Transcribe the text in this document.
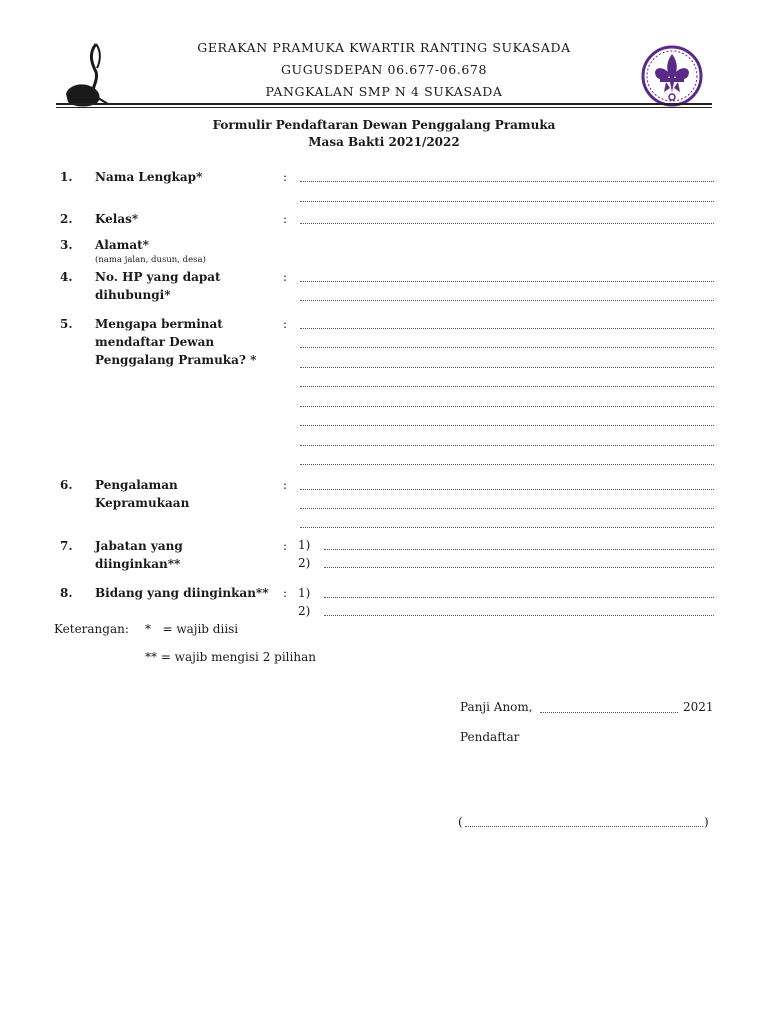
GERAKAN PRAMUKA KWARTIR RANTING SUKASADA
GUGUSDEPAN 06.677-06.678
PANGKALAN SMP N 4 SUKASADA
Formulir Pendaftaran Dewan Penggalang Pramuka
Masa Bakti 2021/2022
1. Nama Lengkap*	:
2. Kelas*	:
3. Alamat*
(nama jalan, dusun, desa)
4. No. HP yang dapat
dihubungi*
:
5. Mengapa berminat
mendaftar Dewan
Penggalang Pramuka? *
:
6. Pengalaman
Kepramukaan
:
7. Jabatan yang
diinginkan**
: 1)
2)
8. Bidang yang diinginkan** : 1)
2)
Keterangan: *   = wajib diisi
** = wajib mengisi 2 pilihan
Panji Anom,	2021
Pendaftar
(	)
